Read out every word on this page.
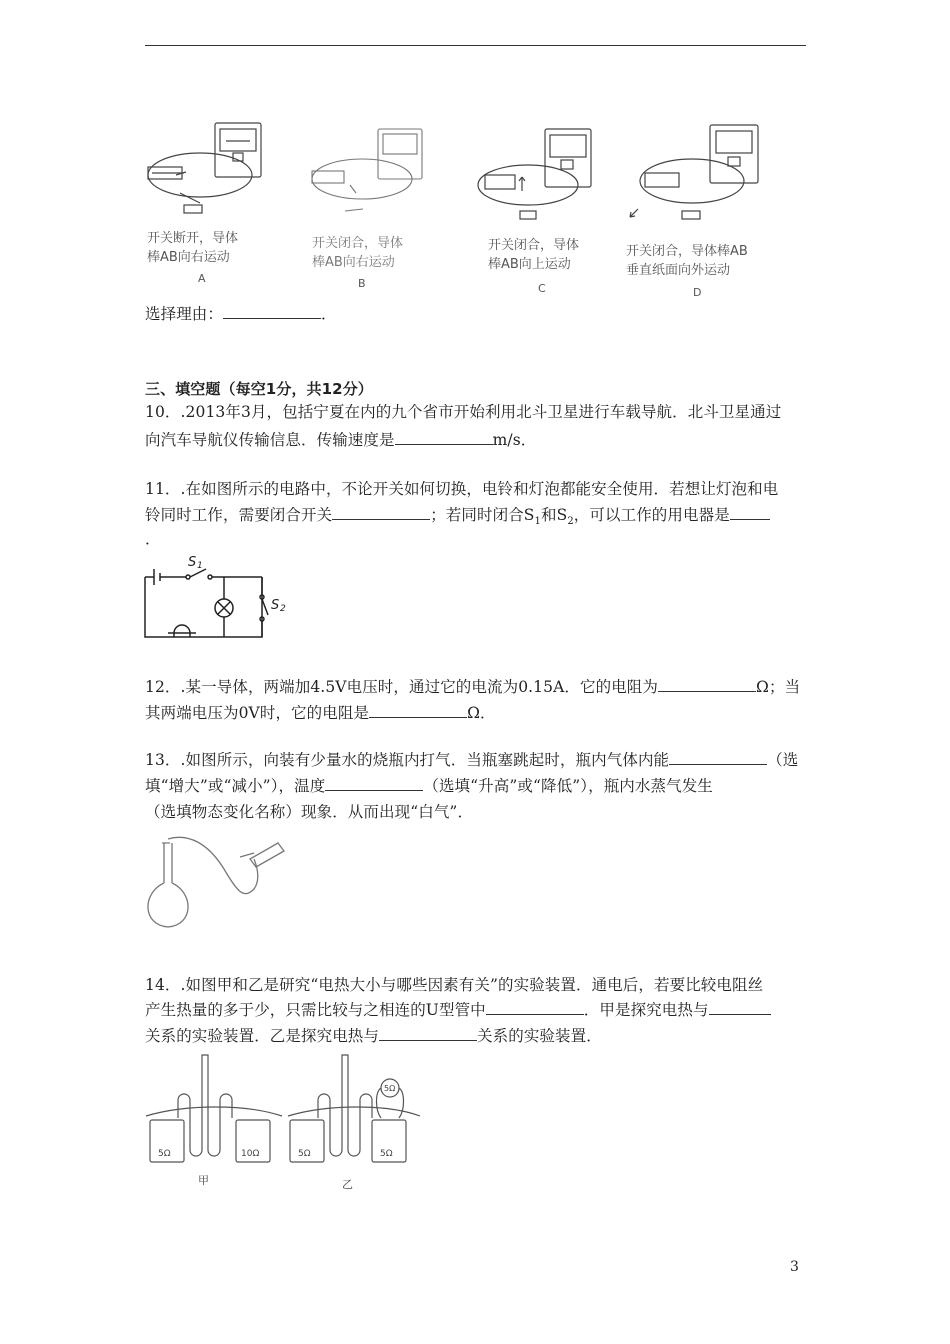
开关断开，导体
棒AB向右运动
A
开关闭合，导体
棒AB向右运动
B
开关闭合，导体
棒AB向上运动
C
开关闭合，导体棒AB
垂直纸面向外运动
D
选择理由：	．
三、填空题（每空1分，共12分）
10．.2013年3月，包括宁夏在内的九个省市开始利用北斗卫星进行车载导航．北斗卫星通过
向汽车导航仪传输信息．传输速度是	m/s．
11．.在如图所示的电路中，不论开关如何切换，电铃和灯泡都能安全使用．若想让灯泡和电
铃同时工作，需要闭合开关	；若同时闭合$S_1$和$S_2$，可以工作的用电器是
．
S 1
S 2
12．.某一导体，两端加4.5V电压时，通过它的电流为0.15A．它的电阻为	Ω；当
其两端电压为0V时，它的电阻是	Ω．
13．.如图所示，向装有少量水的烧瓶内打气．当瓶塞跳起时，瓶内气体内能	（选
填“增大”或“减小”），温度	（选填“升高”或“降低”），瓶内水蒸气发生
（选填物态变化名称）现象．从而出现“白气”．
14．.如图甲和乙是研究“电热大小与哪些因素有关”的实验装置．通电后，若要比较电阻丝
产生热量的多于少，只需比较与之相连的U型管中	．甲是探究电热与
关系的实验装置．乙是探究电热与	关系的实验装置．
5Ω	10Ω	5Ω	5Ω
5Ω
甲	乙
3
